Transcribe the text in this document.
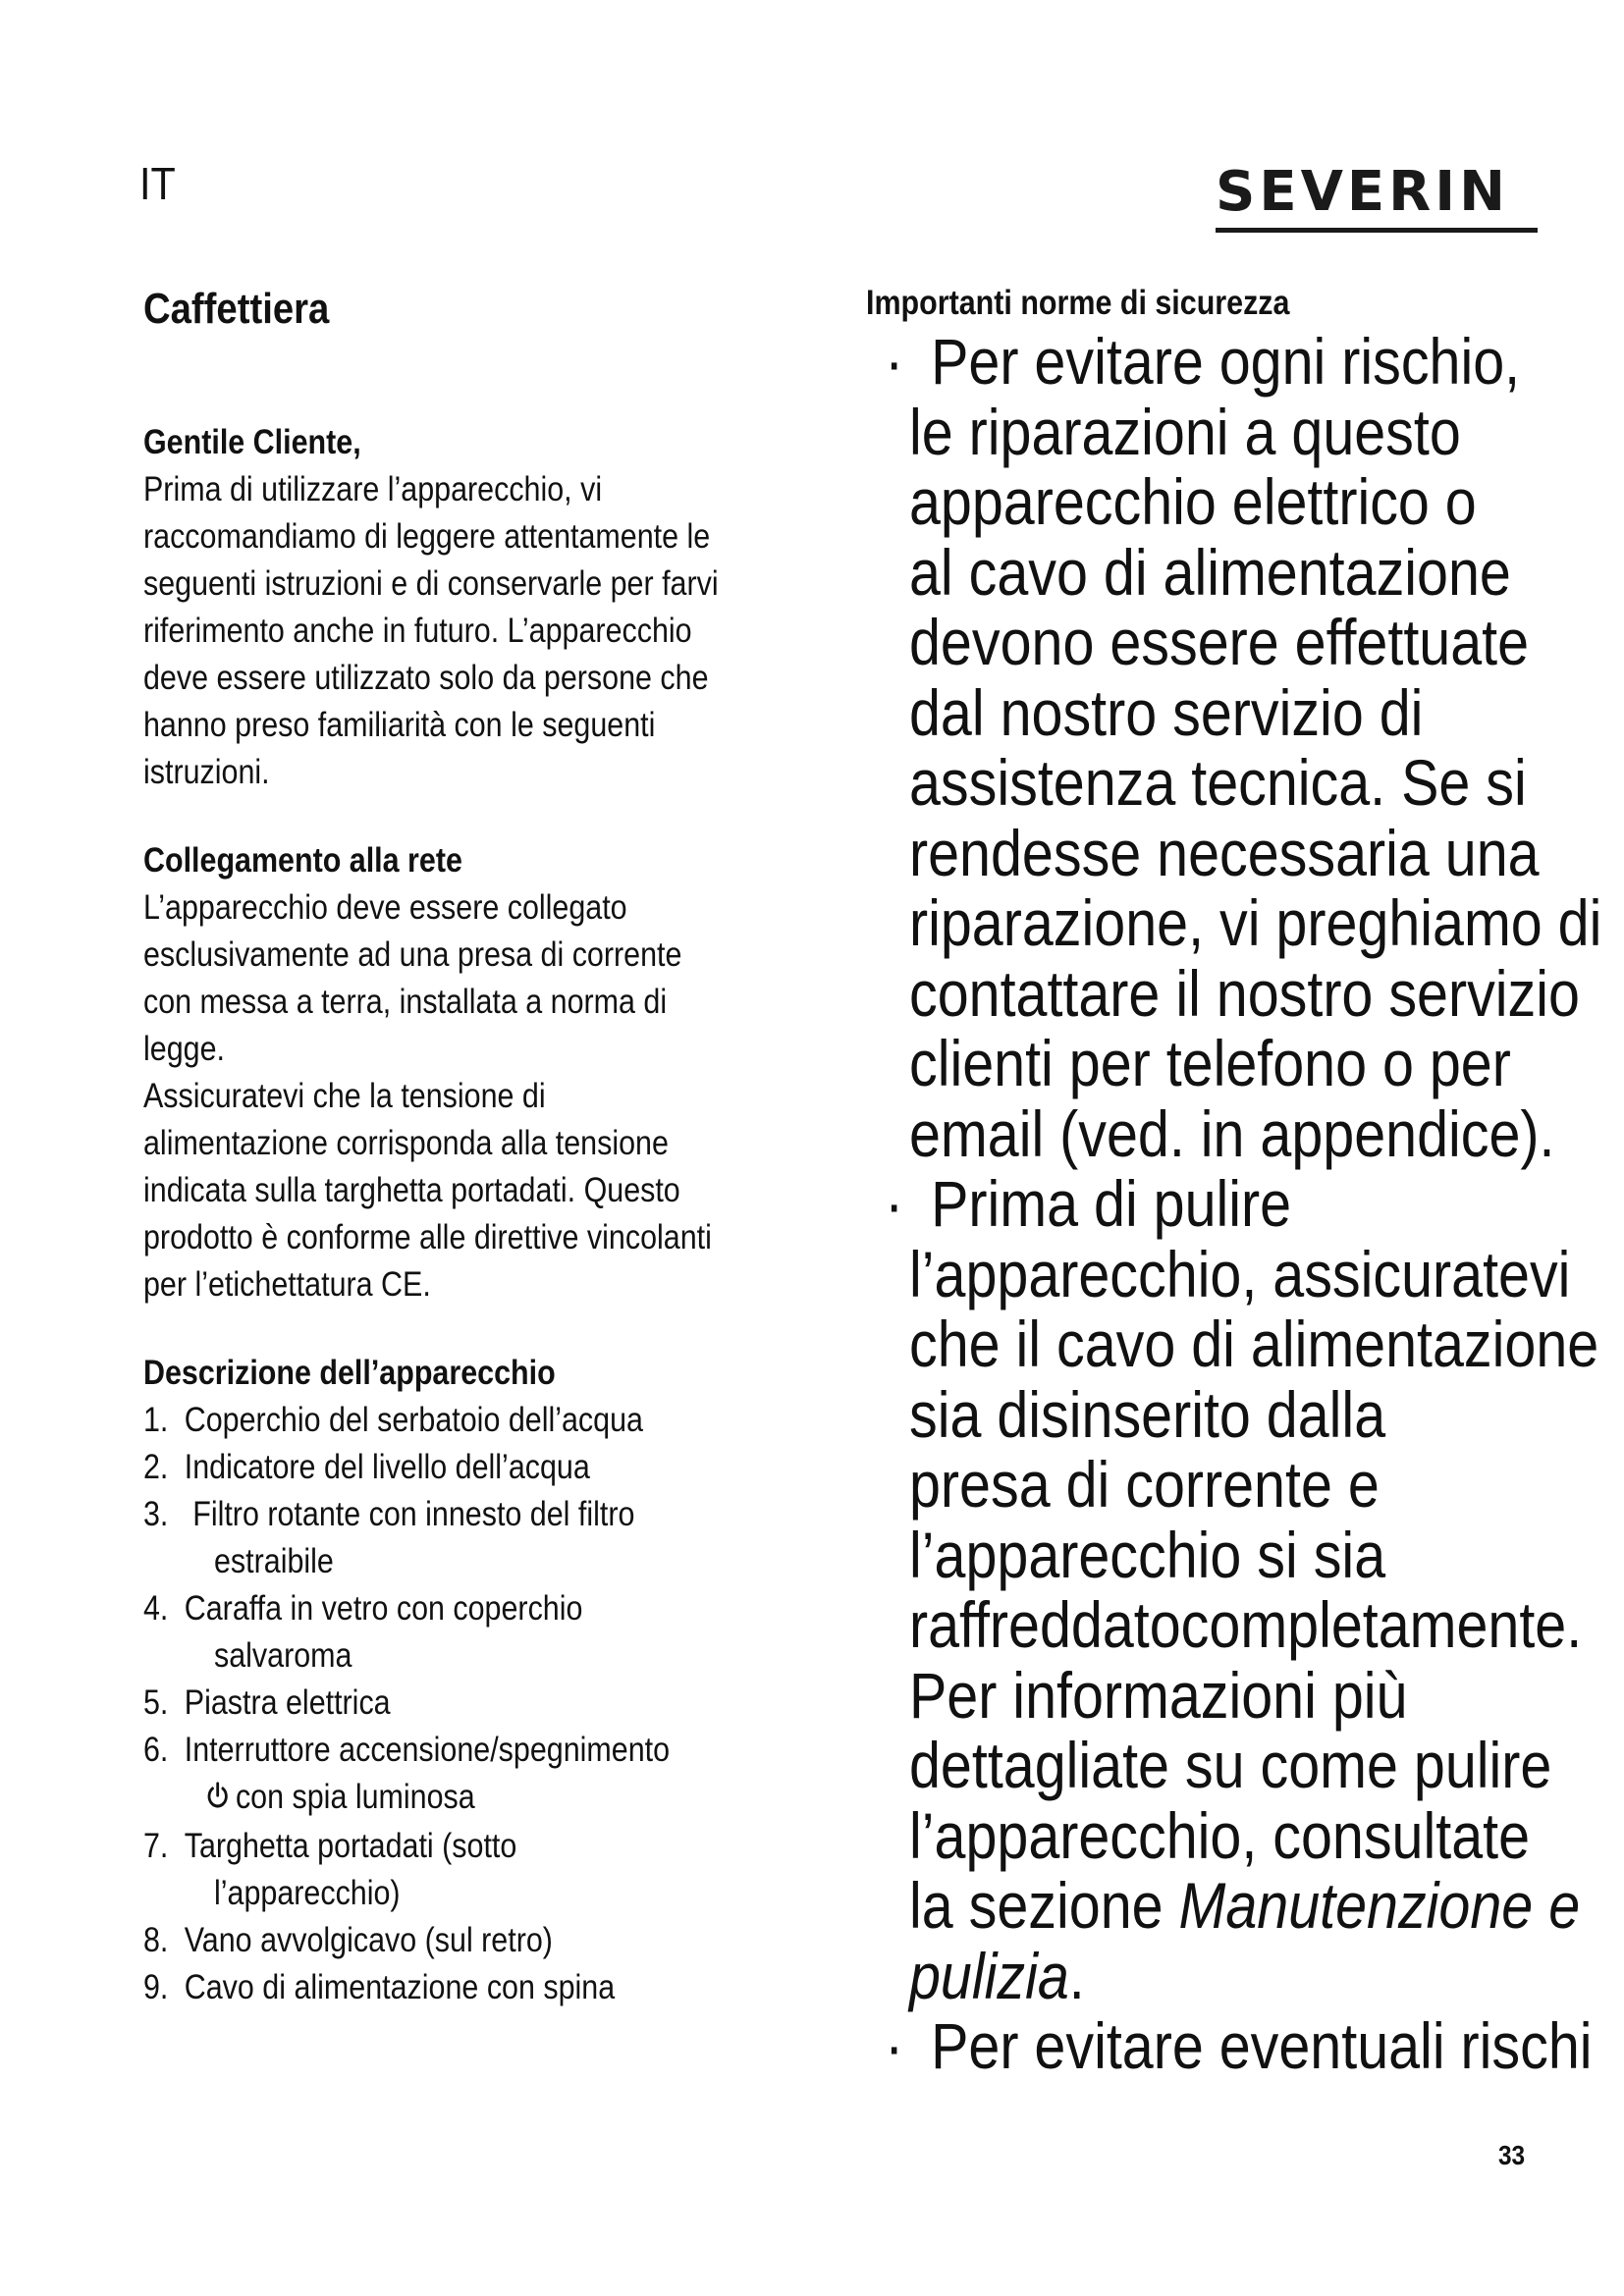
IT	SEVERIN
Caffettiera
Gentile Cliente,
Prima di utilizzare l’apparecchio, vi
raccomandiamo di leggere attentamente le
seguenti istruzioni e di conservarle per farvi
riferimento anche in futuro. L’apparecchio
deve essere utilizzato solo da persone che
hanno preso familiarità con le seguenti
istruzioni.
Collegamento alla rete
L’apparecchio deve essere collegato
esclusivamente ad una presa di corrente
con messa a terra, installata a norma di
legge.
Assicuratevi che la tensione di
alimentazione corrisponda alla tensione
indicata sulla targhetta portadati. Questo
prodotto è conforme alle direttive vincolanti
per l’etichettatura CE.
Descrizione dell’apparecchio
1. Coperchio del serbatoio dell’acqua
2. Indicatore del livello dell’acqua
3. Filtro rotante con innesto del filtro
estraibile
4. Caraffa in vetro con coperchio
salvaroma
5. Piastra elettrica
6. Interruttore accensione/spegnimento
con spia luminosa
7. Targhetta portadati (sotto
l’apparecchio)
8. Vano avvolgicavo (sul retro)
9. Cavo di alimentazione con spina
Importanti norme di sicurezza
· Per evitare ogni rischio,
le riparazioni a questo
apparecchio elettrico o
al cavo di alimentazione
devono essere effettuate
dal nostro servizio di
assistenza tecnica. Se si
rendesse necessaria una
riparazione, vi preghiamo di
contattare il nostro servizio
clienti per telefono o per
email (ved. in appendice).
· Prima di pulire
l’apparecchio, assicuratevi
che il cavo di alimentazione
sia disinserito dalla
presa di corrente e
l’apparecchio si sia
raffreddatocompletamente.
Per informazioni più
dettagliate su come pulire
l’apparecchio, consultate
la sezione Manutenzione e
pulizia.
· Per evitare eventuali rischi
33
